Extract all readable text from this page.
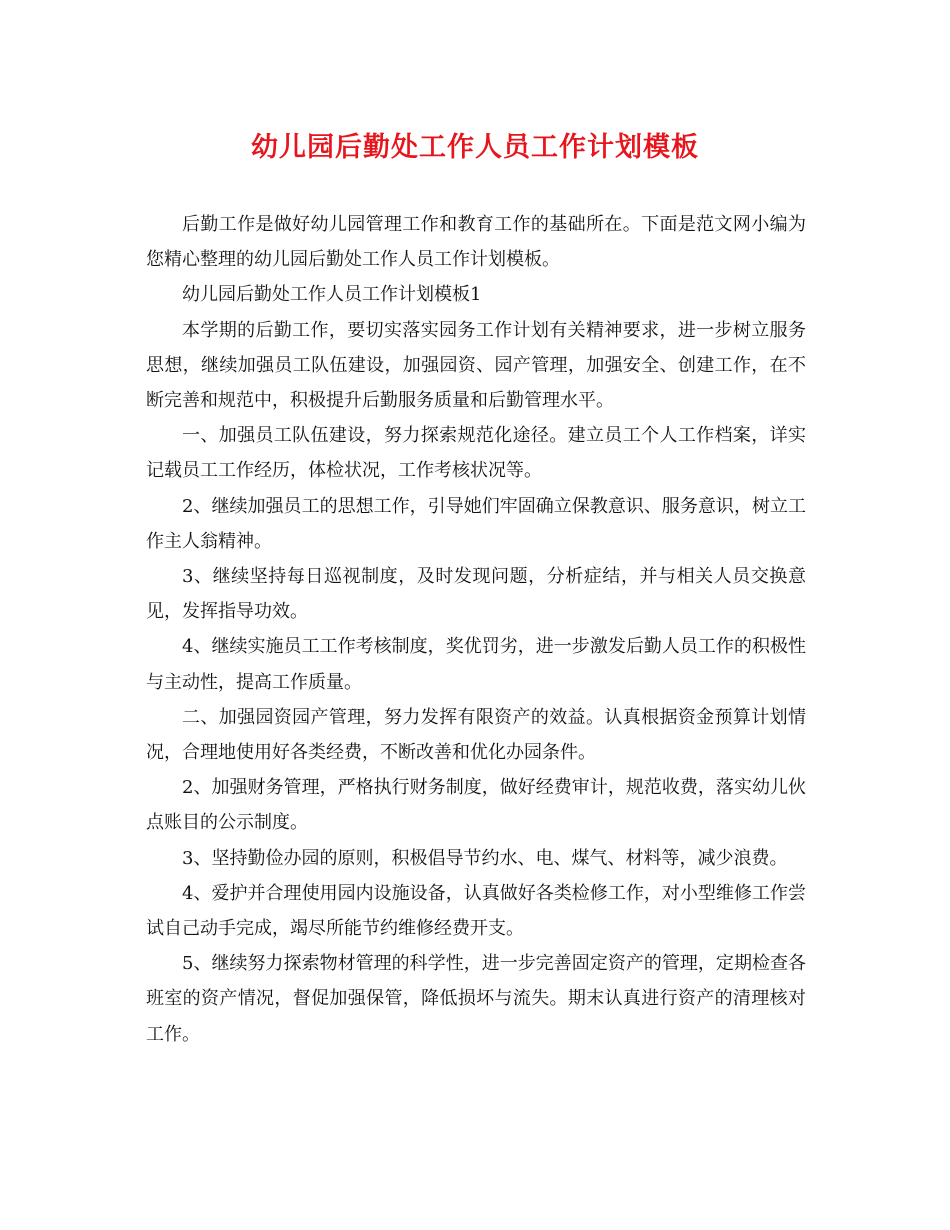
幼儿园后勤处工作人员工作计划模板

后勤工作是做好幼儿园管理工作和教育工作的基础所在。下面是范文网小编为您精心整理的幼儿园后勤处工作人员工作计划模板。

幼儿园后勤处工作人员工作计划模板1

本学期的后勤工作，要切实落实园务工作计划有关精神要求，进一步树立服务思想，继续加强员工队伍建设，加强园资、园产管理，加强安全、创建工作，在不断完善和规范中，积极提升后勤服务质量和后勤管理水平。

一、加强员工队伍建设，努力探索规范化途径。建立员工个人工作档案，详实记载员工工作经历，体检状况，工作考核状况等。

2、继续加强员工的思想工作，引导她们牢固确立保教意识、服务意识，树立工作主人翁精神。

3、继续坚持每日巡视制度，及时发现问题，分析症结，并与相关人员交换意见，发挥指导功效。

4、继续实施员工工作考核制度，奖优罚劣，进一步激发后勤人员工作的积极性与主动性，提高工作质量。

二、加强园资园产管理，努力发挥有限资产的效益。认真根据资金预算计划情况，合理地使用好各类经费，不断改善和优化办园条件。

2、加强财务管理，严格执行财务制度，做好经费审计，规范收费，落实幼儿伙点账目的公示制度。

3、坚持勤俭办园的原则，积极倡导节约水、电、煤气、材料等，减少浪费。

4、爱护并合理使用园内设施设备，认真做好各类检修工作，对小型维修工作尝试自己动手完成，竭尽所能节约维修经费开支。

5、继续努力探索物材管理的科学性，进一步完善固定资产的管理，定期检查各班室的资产情况，督促加强保管，降低损坏与流失。期末认真进行资产的清理核对工作。
